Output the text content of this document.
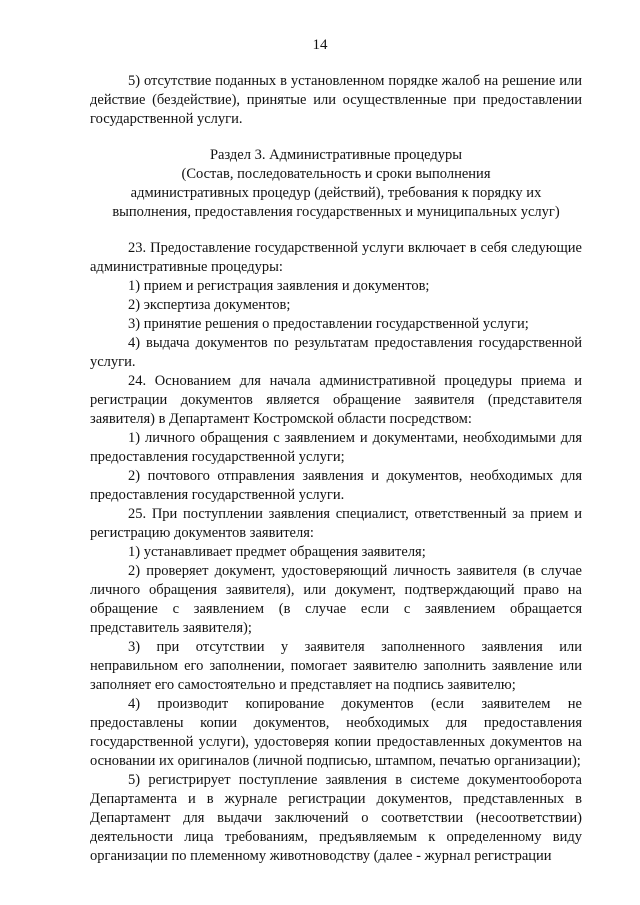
14

5) отсутствие поданных в установленном порядке жалоб на решение или действие (бездействие), принятые или осуществленные при предоставлении государственной услуги.

Раздел 3. Административные процедуры

(Состав, последовательность и сроки выполнения

административных процедур (действий), требования к порядку их

выполнения, предоставления государственных и муниципальных услуг)

23. Предоставление государственной услуги включает в себя следующие административные процедуры:

1) прием и регистрация заявления и документов;

2) экспертиза документов;

3) принятие решения о предоставлении государственной услуги;

4) выдача документов по результатам предоставления государственной услуги.

24. Основанием для начала административной процедуры приема и регистрации документов является обращение заявителя (представителя заявителя) в Департамент Костромской области посредством:

1) личного обращения с заявлением и документами, необходимыми для предоставления государственной услуги;

2) почтового отправления заявления и документов, необходимых для предоставления государственной услуги.

25. При поступлении заявления специалист, ответственный за прием и регистрацию документов заявителя:

1) устанавливает предмет обращения заявителя;

2) проверяет документ, удостоверяющий личность заявителя (в случае личного обращения заявителя), или документ, подтверждающий право на обращение с заявлением (в случае если с заявлением обращается представитель заявителя);

3) при отсутствии у заявителя заполненного заявления или неправильном его заполнении, помогает заявителю заполнить заявление или заполняет его самостоятельно и представляет на подпись заявителю;

4) производит копирование документов (если заявителем не предоставлены копии документов, необходимых для предоставления государственной услуги), удостоверяя копии предоставленных документов на основании их оригиналов (личной подписью, штампом, печатью организации);

5) регистрирует поступление заявления в системе документооборота Департамента и в журнале регистрации документов, представленных в Департамент для выдачи заключений о соответствии (несоответствии) деятельности лица требованиям, предъявляемым к определенному виду организации по племенному животноводству (далее - журнал регистрации
